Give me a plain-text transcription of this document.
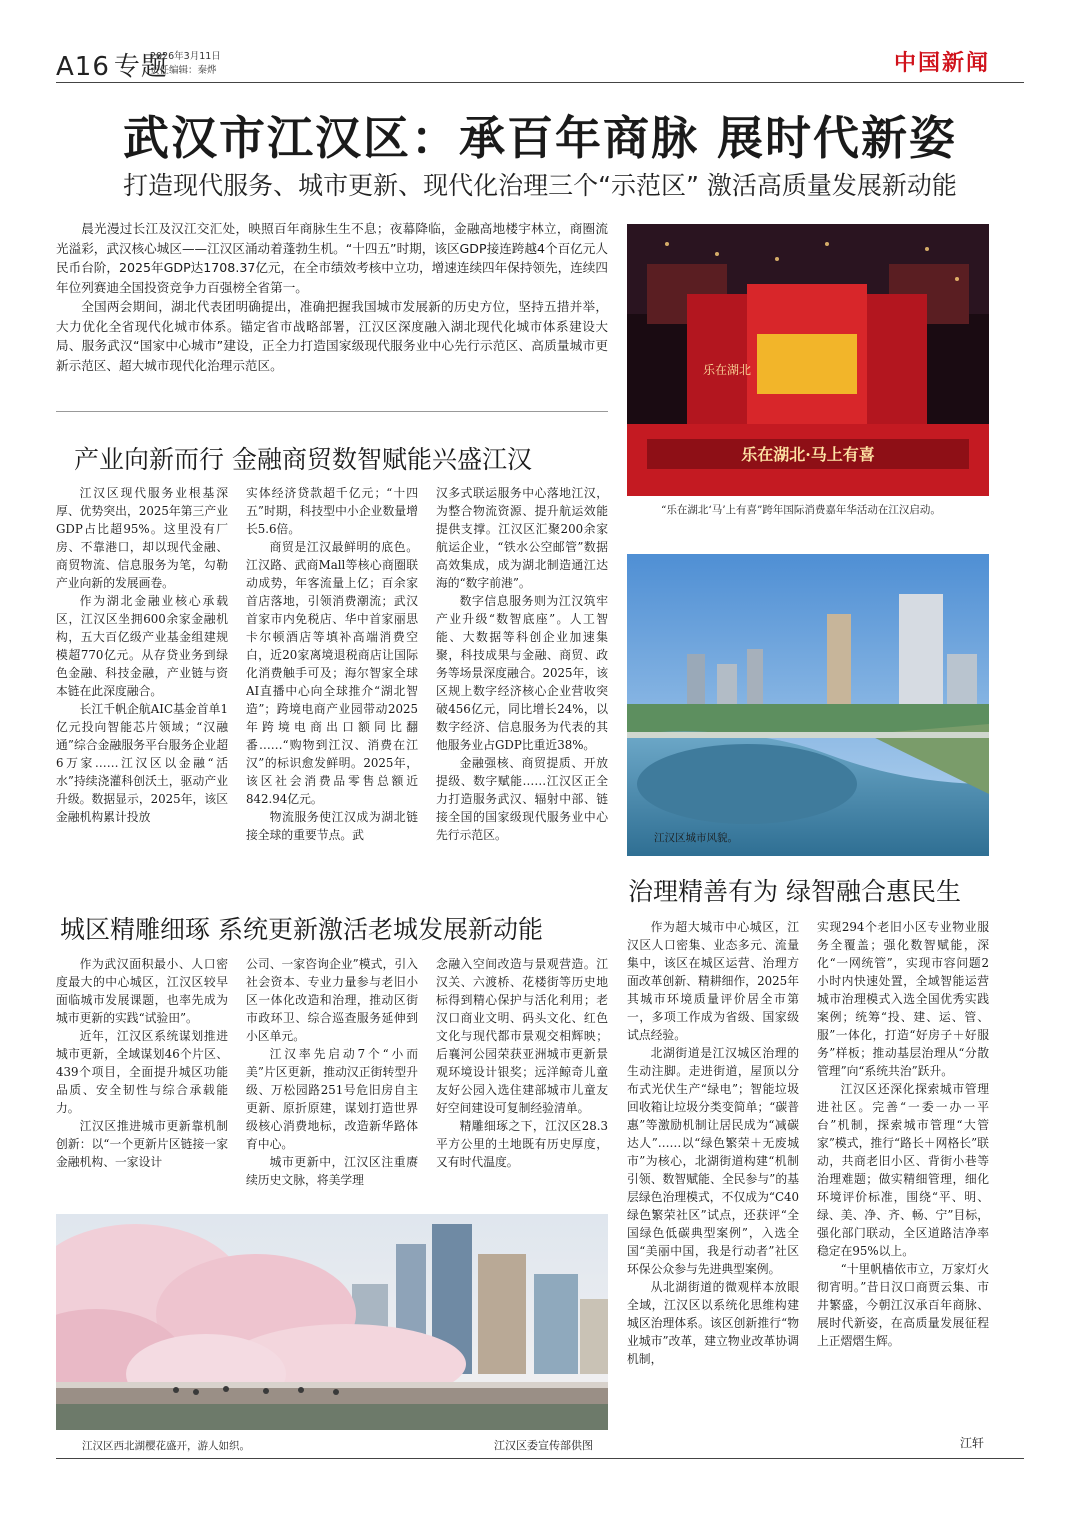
A16 专题
2026年3月11日
责任编辑：秦烨	中国新闻
武汉市江汉区：承百年商脉 展时代新姿
打造现代服务、城市更新、现代化治理三个“示范区” 激活高质量发展新动能

晨光漫过长江及汉江交汇处，映照百年商脉生生不息；夜幕降临，金融高地楼宇林立，商圈流光溢彩，武汉核心城区——江汉区涌动着蓬勃生机。“十四五”时期，该区GDP接连跨越4个百亿元人民币台阶，2025年GDP达1708.37亿元，在全市绩效考核中立功，增速连续四年保持领先，连续四年位列赛迪全国投资竞争力百强榜全省第一。

全国两会期间，湖北代表团明确提出，准确把握我国城市发展新的历史方位，坚持五措并举，大力优化全省现代化城市体系。锚定省市战略部署，江汉区深度融入湖北现代化城市体系建设大局、服务武汉“国家中心城市”建设，正全力打造国家级现代服务业中心先行示范区、高质量城市更新示范区、超大城市现代化治理示范区。

产业向新而行 金融商贸数智赋能兴盛江汉

江汉区现代服务业根基深厚、优势突出，2025年第三产业GDP占比超95%。这里没有厂房、不靠港口，却以现代金融、商贸物流、信息服务为笔，勾勒产业向新的发展画卷。

作为湖北金融业核心承载区，江汉区坐拥600余家金融机构，五大百亿级产业基金组建规模超770亿元。从存贷业务到绿色金融、科技金融，产业链与资本链在此深度融合。

长江千帆企航AIC基金首单1亿元投向智能芯片领域；“汉融通”综合金融服务平台服务企业超6万家……江汉区以金融“活水”持续浇灌科创沃土，驱动产业升级。数据显示，2025年，该区金融机构累计投放

实体经济贷款超千亿元；“十四五”时期，科技型中小企业数量增长5.6倍。

商贸是江汉最鲜明的底色。江汉路、武商Mall等核心商圈联动成势，年客流量上亿；百余家首店落地，引领消费潮流；武汉首家市内免税店、华中首家丽思卡尔顿酒店等填补高端消费空白，近20家离境退税商店让国际化消费触手可及；海尔智家全球AI直播中心向全球推介“湖北智造”；跨境电商产业园带动2025年跨境电商出口额同比翻番……“购物到江汉、消费在江汉”的标识愈发鲜明。2025年，该区社会消费品零售总额近842.94亿元。

物流服务使江汉成为湖北链接全球的重要节点。武

汉多式联运服务中心落地江汉，为整合物流资源、提升航运效能提供支撑。江汉区汇聚200余家航运企业，“铁水公空邮管”数据高效集成，成为湖北制造通江达海的“数字前港”。

数字信息服务则为江汉筑牢产业升级“数智底座”。人工智能、大数据等科创企业加速集聚，科技成果与金融、商贸、政务等场景深度融合。2025年，该区规上数字经济核心企业营收突破456亿元，同比增长24%，以数字经济、信息服务为代表的其他服务业占GDP比重近38%。

金融强核、商贸提质、开放提级、数字赋能……江汉区正全力打造服务武汉、辐射中部、链接全国的国家级现代服务业中心先行示范区。

城区精雕细琢 系统更新激活老城发展新动能

作为武汉面积最小、人口密度最大的中心城区，江汉区较早面临城市发展课题，也率先成为城市更新的实践“试验田”。

近年，江汉区系统谋划推进城市更新，全域谋划46个片区、439个项目，全面提升城区功能品质、安全韧性与综合承载能力。

江汉区推进城市更新靠机制创新：以“一个更新片区链接一家金融机构、一家设计

公司、一家咨询企业”模式，引入社会资本、专业力量参与老旧小区一体化改造和治理，推动区街市政环卫、综合巡查服务延伸到小区单元。

江汉率先启动7个“小而美”片区更新，推动汉正街转型升级、万松园路251号危旧房自主更新、原折原建，谋划打造世界级核心消费地标，改造新华路体育中心。

城市更新中，江汉区注重赓续历史文脉，将美学理

念融入空间改造与景观营造。江汉关、六渡桥、花楼街等历史地标得到精心保护与活化利用；老汉口商业文明、码头文化、红色文化与现代都市景观交相辉映；后襄河公园荣获亚洲城市更新景观环境设计银奖；远洋鲸奇儿童友好公园入选住建部城市儿童友好空间建设可复制经验清单。

精雕细琢之下，江汉区28.3平方公里的土地既有历史厚度，又有时代温度。

江汉区西北湖樱花盛开，游人如织。	江汉区委宣传部供图
乐在湖北·马上有喜
乐在湖北
“乐在湖北‘马’上有喜”跨年国际消费嘉年华活动在江汉启动。
江汉区城市风貌。
治理精善有为 绿智融合惠民生

作为超大城市中心城区，江汉区人口密集、业态多元、流量集中，该区在城区运营、治理方面改革创新、精耕细作，2025年其城市环境质量评价居全市第一，多项工作成为省级、国家级试点经验。

北湖街道是江汉城区治理的生动注脚。走进街道，屋顶以分布式光伏生产“绿电”；智能垃圾回收箱让垃圾分类变简单；“碳普惠”等激励机制让居民成为“减碳达人”……以“绿色繁荣＋无废城市”为核心，北湖街道构建“机制引领、数智赋能、全民参与”的基层绿色治理模式，不仅成为“C40绿色繁荣社区”试点，还获评“全国绿色低碳典型案例”，入选全国“美丽中国，我是行动者”社区环保公众参与先进典型案例。

从北湖街道的微观样本放眼全域，江汉区以系统化思维构建城区治理体系。该区创新推行“物业城市”改革，建立物业改革协调机制，

实现294个老旧小区专业物业服务全覆盖；强化数智赋能，深化“一网统管”，实现市容问题2小时内快速处置，全域智能运营城市治理模式入选全国优秀实践案例；统筹“投、建、运、管、服”一体化，打造“好房子＋好服务”样板；推动基层治理从“分散管理”向“系统共治”跃升。

江汉区还深化探索城市管理进社区。完善“一委一办一平台”机制，探索城市管理“大管家”模式，推行“路长＋网格长”联动，共商老旧小区、背街小巷等治理难题；做实精细管理，细化环境评价标准，围绕“平、明、绿、美、净、齐、畅、宁”目标，强化部门联动，全区道路洁净率稳定在95%以上。

“十里帆樯依市立，万家灯火彻宵明。”昔日汉口商贾云集、市井繁盛，今朝江汉承百年商脉、展时代新姿，在高质量发展征程上正熠熠生辉。

江轩
